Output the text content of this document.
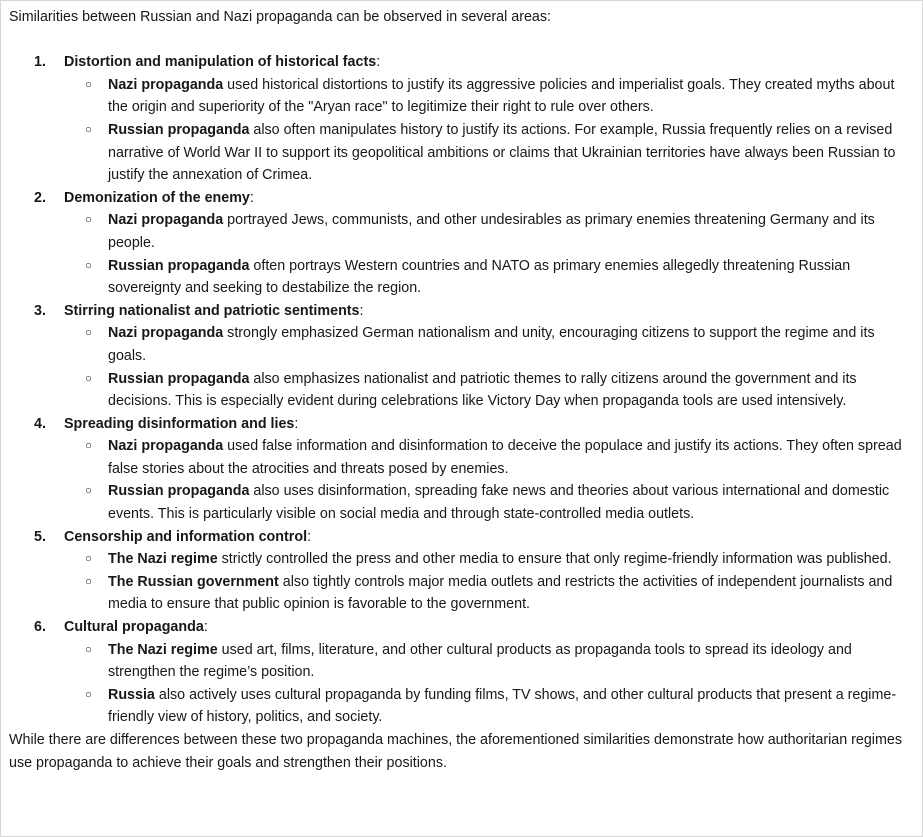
Similarities between Russian and Nazi propaganda can be observed in several areas:

1.	Distortion and manipulation of historical facts:
○	Nazi propaganda used historical distortions to justify its aggressive policies and imperialist goals. They created myths about the origin and superiority of the "Aryan race" to legitimize their right to rule over others.
○	Russian propaganda also often manipulates history to justify its actions. For example, Russia frequently relies on a revised narrative of World War II to support its geopolitical ambitions or claims that Ukrainian territories have always been Russian to justify the annexation of Crimea.
2.	Demonization of the enemy:
○	Nazi propaganda portrayed Jews, communists, and other undesirables as primary enemies threatening Germany and its people.
○	Russian propaganda often portrays Western countries and NATO as primary enemies allegedly threatening Russian sovereignty and seeking to destabilize the region.
3.	Stirring nationalist and patriotic sentiments:
○	Nazi propaganda strongly emphasized German nationalism and unity, encouraging citizens to support the regime and its goals.
○	Russian propaganda also emphasizes nationalist and patriotic themes to rally citizens around the government and its decisions. This is especially evident during celebrations like Victory Day when propaganda tools are used intensively.
4.	Spreading disinformation and lies:
○	Nazi propaganda used false information and disinformation to deceive the populace and justify its actions. They often spread false stories about the atrocities and threats posed by enemies.
○	Russian propaganda also uses disinformation, spreading fake news and theories about various international and domestic events. This is particularly visible on social media and through state-controlled media outlets.
5.	Censorship and information control:
○	The Nazi regime strictly controlled the press and other media to ensure that only regime-friendly information was published.
○	The Russian government also tightly controls major media outlets and restricts the activities of independent journalists and media to ensure that public opinion is favorable to the government.
6.	Cultural propaganda:
○	The Nazi regime used art, films, literature, and other cultural products as propaganda tools to spread its ideology and strengthen the regime’s position.
○	Russia also actively uses cultural propaganda by funding films, TV shows, and other cultural products that present a regime-friendly view of history, politics, and society.

While there are differences between these two propaganda machines, the aforementioned similarities demonstrate how authoritarian regimes use propaganda to achieve their goals and strengthen their positions.
